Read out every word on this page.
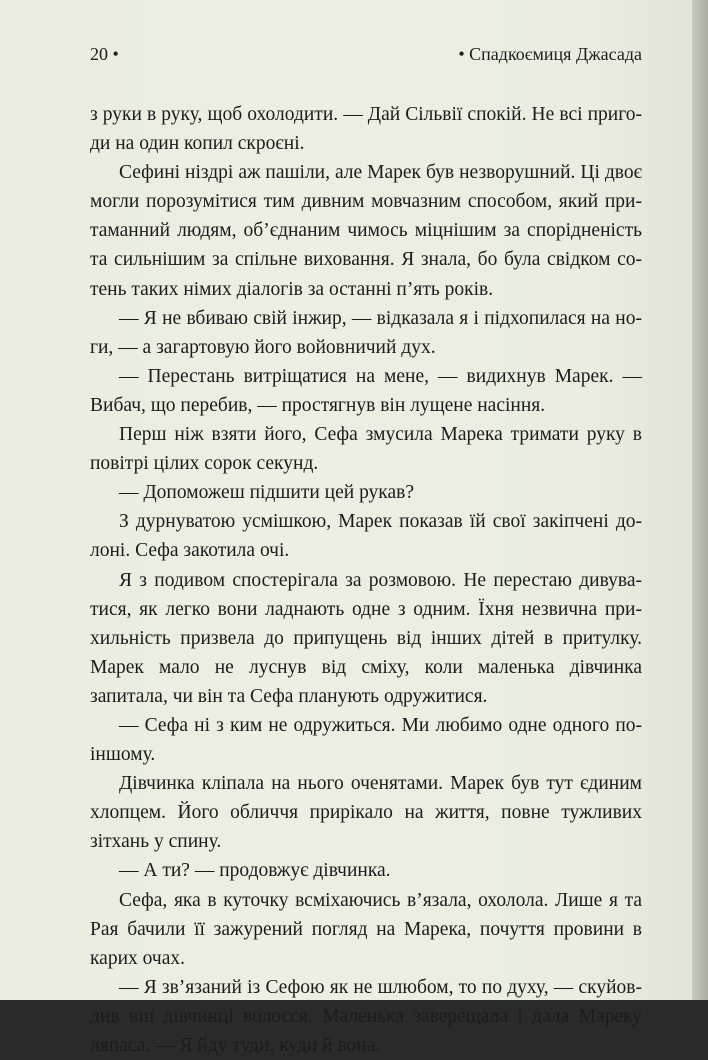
20 •	• Спадкоємиця Джасада

з руки в руку, щоб охолодити. — Дай Сільвії спокій. Не всі пригоди на один копил скроєні.

Сефині ніздрі аж пашіли, але Марек був незворушний. Ці двоє могли порозумітися тим дивним мовчазним способом, який притаманний людям, об’єднаним чимось міцнішим за спорідненість та сильнішим за спільне виховання. Я знала, бо була свідком сотень таких німих діалогів за останні п’ять років.

— Я не вбиваю свій інжир, — відказала я і підхопилася на ноги, — а загартовую його войовничий дух.

— Перестань витріщатися на мене, — видихнув Марек. — Вибач, що перебив, — простягнув він лущене насіння.

Перш ніж взяти його, Сефа змусила Марека тримати руку в повітрі цілих сорок секунд.

— Допоможеш підшити цей рукав?

З дурнуватою усмішкою, Марек показав їй свої закіпчені долоні. Сефа закотила очі.

Я з подивом спостерігала за розмовою. Не перестаю дивуватися, як легко вони ладнають одне з одним. Їхня незвична прихильність призвела до припущень від інших дітей в притулку. Марек мало не луснув від сміху, коли маленька дівчинка запитала, чи він та Сефа планують одружитися.

— Сефа ні з ким не одружиться. Ми любимо одне одного по-іншому.

Дівчинка кліпала на нього оченятами. Марек був тут єдиним хлопцем. Його обличчя прирікало на життя, повне тужливих зітхань у спину.

— А ти? — продовжує дівчинка.

Сефа, яка в куточку всміхаючись в’язала, охолола. Лише я та Рая бачили її зажурений погляд на Марека, почуття провини в карих очах.

— Я зв’язаний із Сефою як не шлюбом, то по духу, — скуйовдив він дівчинці волосся. Маленька заверещала і дала Мареку ляпаса. — Я йду туди, куди й вона.
